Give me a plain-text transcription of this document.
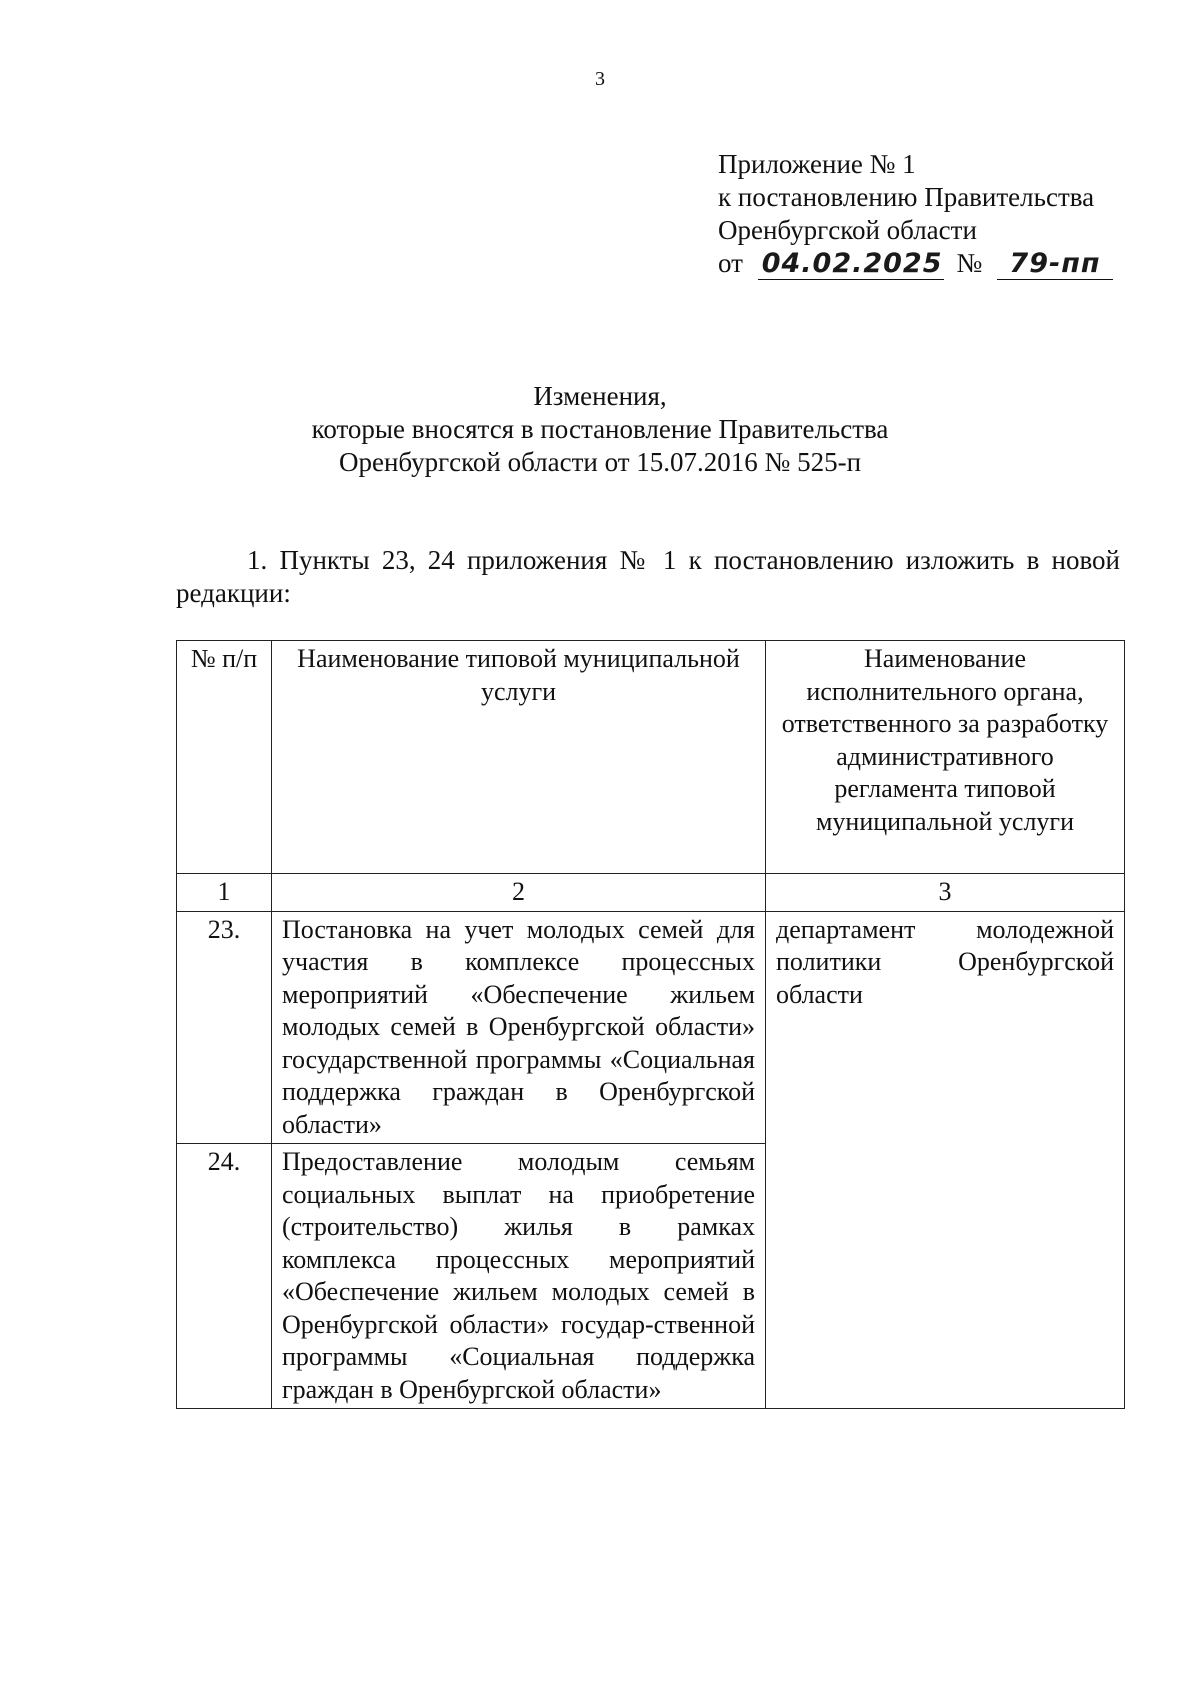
3
Приложение № 1
к постановлению Правительства
Оренбургской области
от 04.02.2025 № 79-пп
Изменения,
которые вносятся в постановление Правительства
Оренбургской области от 15.07.2016 № 525-п
1. Пункты 23, 24 приложения № 1 к постановлению изложить в новой редакции:
№ п/п	Наименование типовой муниципальной услуги	Наименование исполнительного органа, ответственного за разработку административного регламента типовой муниципальной услуги
1	2	3
23.	Постановка на учет молодых семей для участия в комплексе процессных мероприятий «Обеспечение жильем молодых семей в Оренбургской области» государственной программы «Социальная поддержка граждан в Оренбургской области»	департамент молодежной политики Оренбургской области
24.	Предоставление молодым семьям социальных выплат на приобретение (строительство) жилья в рамках комплекса процессных мероприятий «Обеспечение жильем молодых семей в Оренбургской области» государ-ственной программы «Социальная поддержка граждан в Оренбургской области»	
